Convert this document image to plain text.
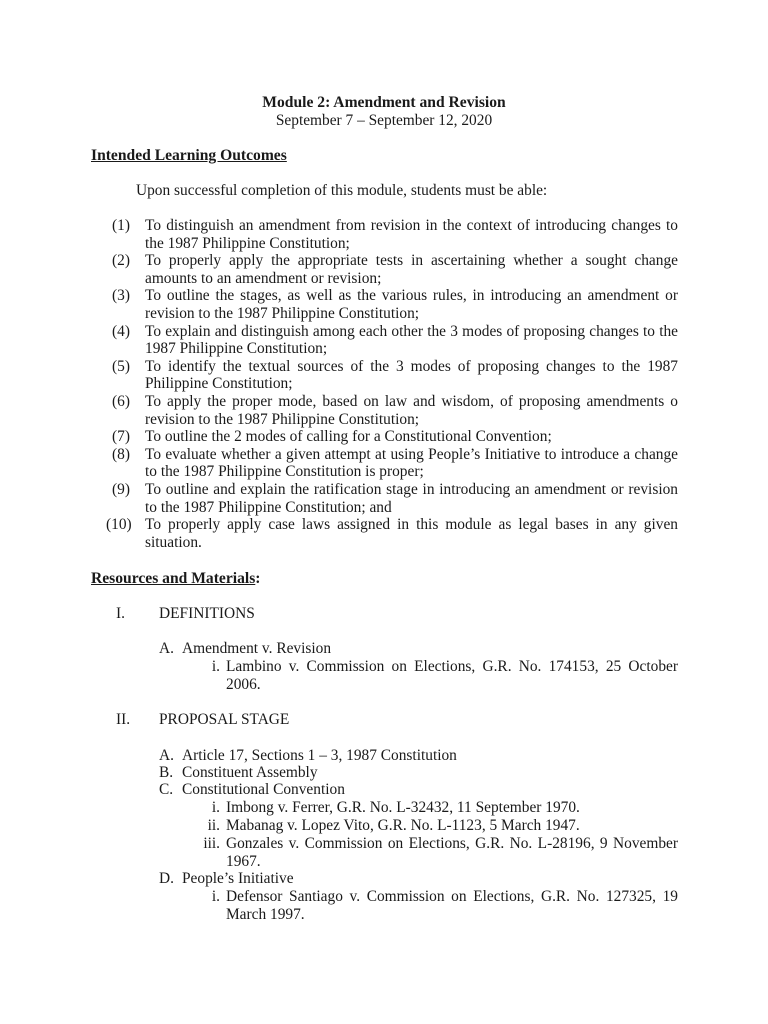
Module 2: Amendment and Revision
September 7 – September 12, 2020
Intended Learning Outcomes
Upon successful completion of this module, students must be able:
(1) To distinguish an amendment from revision in the context of introducing changes to the 1987 Philippine Constitution;
(2) To properly apply the appropriate tests in ascertaining whether a sought change amounts to an amendment or revision;
(3) To outline the stages, as well as the various rules, in introducing an amendment or revision to the 1987 Philippine Constitution;
(4) To explain and distinguish among each other the 3 modes of proposing changes to the 1987 Philippine Constitution;
(5) To identify the textual sources of the 3 modes of proposing changes to the 1987 Philippine Constitution;
(6) To apply the proper mode, based on law and wisdom, of proposing amendments o revision to the 1987 Philippine Constitution;
(7) To outline the 2 modes of calling for a Constitutional Convention;
(8) To evaluate whether a given attempt at using People’s Initiative to introduce a change to the 1987 Philippine Constitution is proper;
(9) To outline and explain the ratification stage in introducing an amendment or revision to the 1987 Philippine Constitution; and
(10) To properly apply case laws assigned in this module as legal bases in any given situation.
Resources and Materials:
I. DEFINITIONS
A. Amendment v. Revision
i. Lambino v. Commission on Elections, G.R. No. 174153, 25 October 2006.
II. PROPOSAL STAGE
A. Article 17, Sections 1 – 3, 1987 Constitution
B. Constituent Assembly
C. Constitutional Convention
i. Imbong v. Ferrer, G.R. No. L-32432, 11 September 1970.
ii. Mabanag v. Lopez Vito, G.R. No. L-1123, 5 March 1947.
iii. Gonzales v. Commission on Elections, G.R. No. L-28196, 9 November 1967.
D. People’s Initiative
i. Defensor Santiago v. Commission on Elections, G.R. No. 127325, 19 March 1997.
